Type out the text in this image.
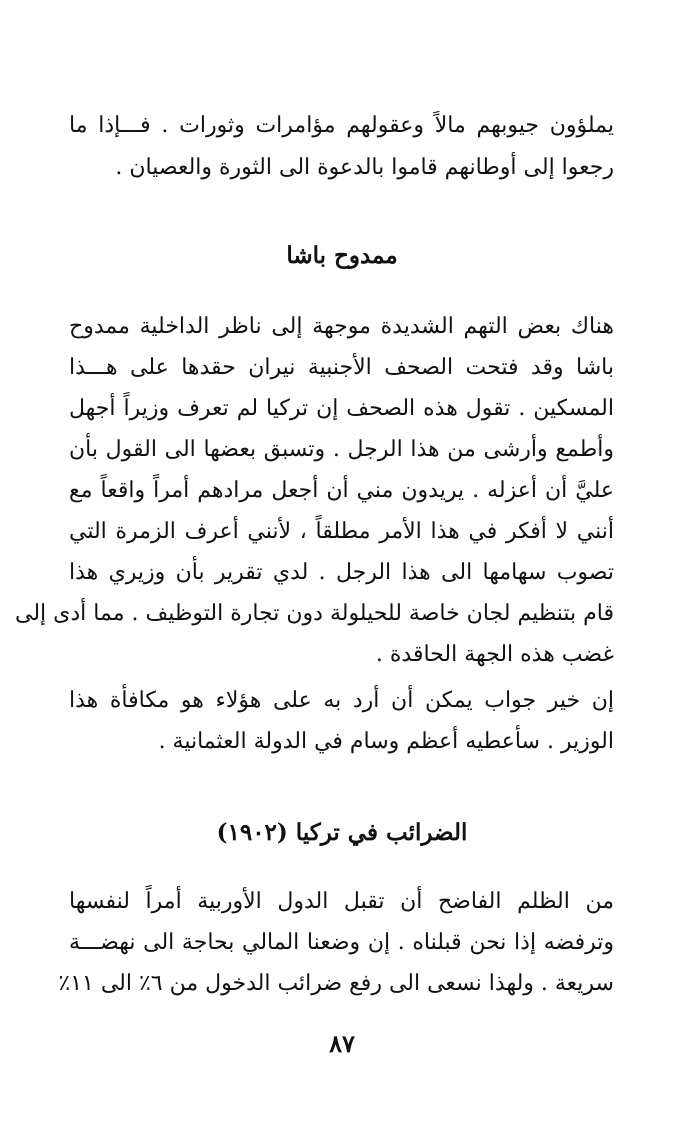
يملؤون جيوبهم مالاً وعقولهم مؤامرات وثورات . فـــإذا ما
رجعوا إلى أوطانهم قاموا بالدعوة الى الثورة والعصيان .
ممدوح باشا
هناك بعض التهم الشديدة موجهة إلى ناظر الداخلية ممدوح
باشا وقد فتحت الصحف الأجنبية نيران حقدها على هـــذا
المسكين . تقول هذه الصحف إن تركيا لم تعرف وزيراً أجهل
وأطمع وأرشى من هذا الرجل . وتسبق بعضها الى القول بأن
عليَّ أن أعزله . يريدون مني أن أجعل مرادهم أمراً واقعاً مع
أنني لا أفكر في هذا الأمر مطلقاً ، لأنني أعرف الزمرة التي
تصوب سهامها الى هذا الرجل . لدي تقرير بأن وزيري هذا
قام بتنظيم لجان خاصة للحيلولة دون تجارة التوظيف . مما أدى إلى
غضب هذه الجهة الحاقدة .
إن خير جواب يمكن أن أرد به على هؤلاء هو مكافأة هذا
الوزير . سأعطيه أعظم وسام في الدولة العثمانية .
الضرائب في تركيا (١٩٠٢)
من الظلم الفاضح أن تقبل الدول الأوربية أمراً لنفسها
وترفضه إذا نحن قبلناه . إن وضعنا المالي بحاجة الى نهضـــة
سريعة . ولهذا نسعى الى رفع ضرائب الدخول من ٦٪ الى ١١٪
٨٧
